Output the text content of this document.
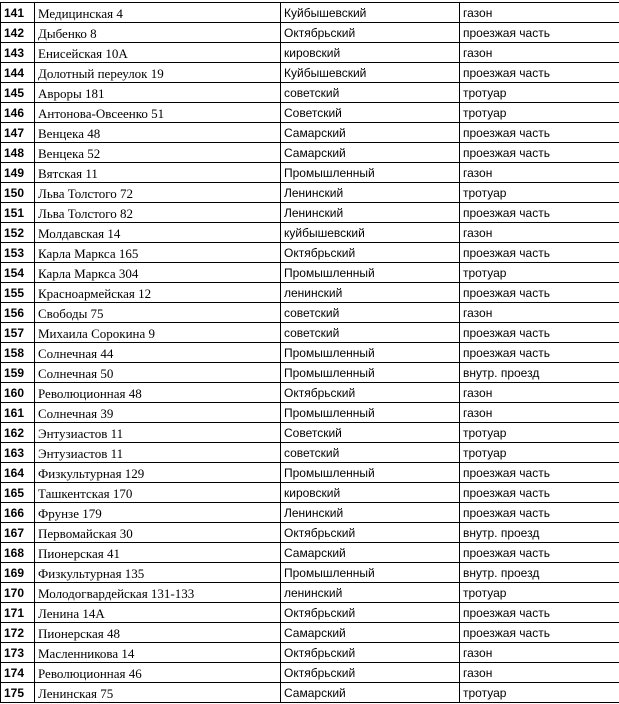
141	Медицинская 4	Куйбышевский	газон
142	Дыбенко 8	Октябрьский	проезжая часть
143	Енисейская 10А	кировский	газон
144	Долотный переулок 19	Куйбышевский	проезжая часть
145	Авроры 181	советский	тротуар
146	Антонова-Овсеенко 51	Советский	тротуар
147	Венцека 48	Самарский	проезжая часть
148	Венцека 52	Самарский	проезжая часть
149	Вятская 11	Промышленный	газон
150	Льва Толстого 72	Ленинский	тротуар
151	Льва Толстого 82	Ленинский	проезжая часть
152	Молдавская 14	куйбышевский	газон
153	Карла Маркса 165	Октябрьский	проезжая часть
154	Карла Маркса 304	Промышленный	тротуар
155	Красноармейская 12	ленинский	проезжая часть
156	Свободы 75	советский	газон
157	Михаила Сорокина 9	советский	проезжая часть
158	Солнечная 44	Промышленный	проезжая часть
159	Солнечная 50	Промышленный	внутр. проезд
160	Революционная 48	Октябрьский	газон
161	Солнечная 39	Промышленный	газон
162	Энтузиастов 11	Советский	тротуар
163	Энтузиастов 11	советский	тротуар
164	Физкультурная 129	Промышленный	проезжая часть
165	Ташкентская 170	кировский	проезжая часть
166	Фрунзе 179	Ленинский	проезжая часть
167	Первомайская 30	Октябрьский	внутр. проезд
168	Пионерская 41	Самарский	проезжая часть
169	Физкультурная 135	Промышленный	внутр. проезд
170	Молодогвардейская 131-133	ленинский	тротуар
171	Ленина 14А	Октябрьский	проезжая часть
172	Пионерская 48	Самарский	проезжая часть
173	Масленникова 14	Октябрьский	газон
174	Революционная 46	Октябрьский	газон
175	Ленинская 75	Самарский	тротуар
